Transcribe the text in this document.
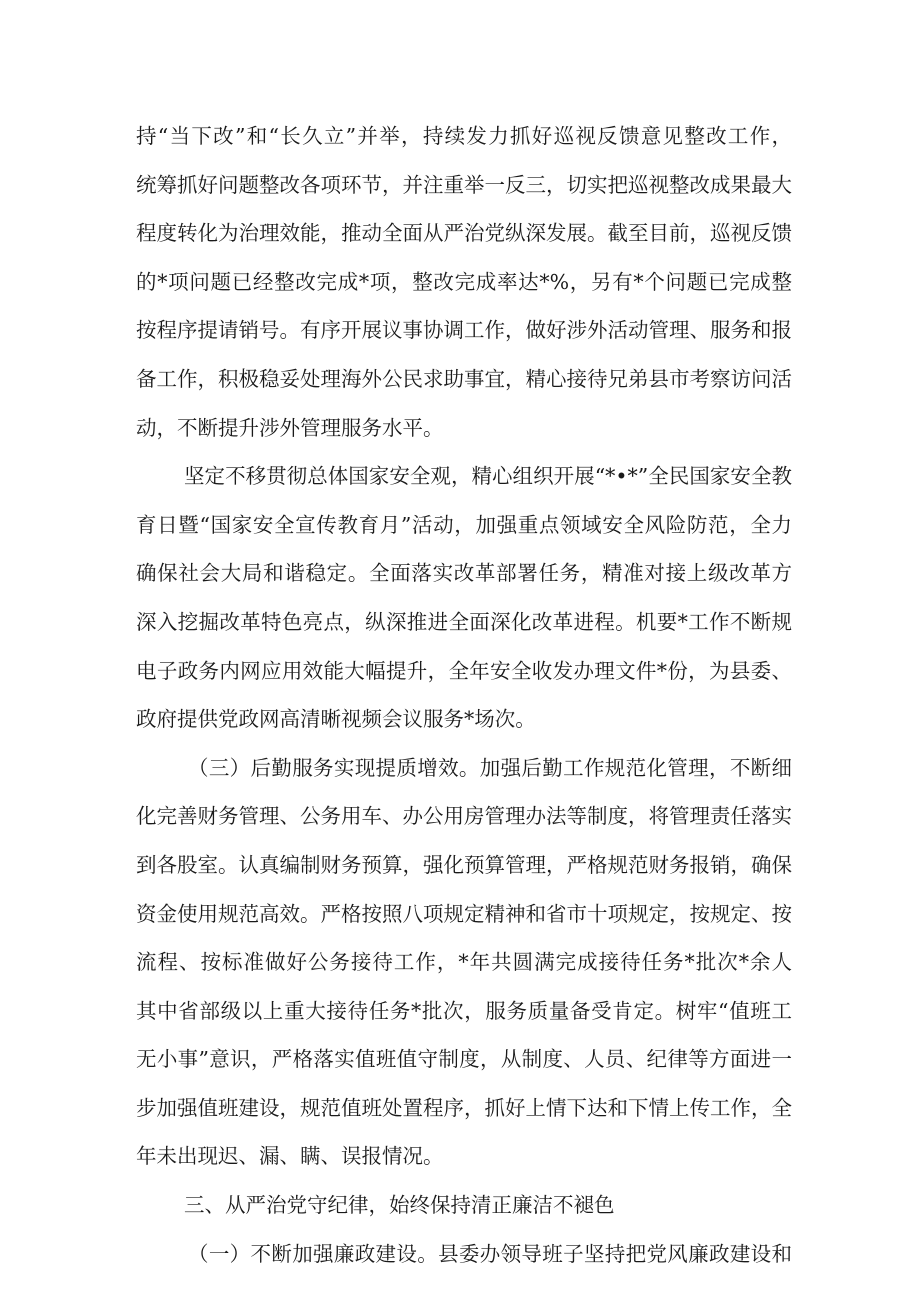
持“当下改”和“长久立”并举，持续发力抓好巡视反馈意见整改工作，
统筹抓好问题整改各项环节，并注重举一反三，切实把巡视整改成果最大
程度转化为治理效能，推动全面从严治党纵深发展。截至目前，巡视反馈
的*项问题已经整改完成*项，整改完成率达*%，另有*个问题已完成整
按程序提请销号。有序开展议事协调工作，做好涉外活动管理、服务和报
备工作，积极稳妥处理海外公民求助事宜，精心接待兄弟县市考察访问活
动，不断提升涉外管理服务水平。
坚定不移贯彻总体国家安全观，精心组织开展“*•*”全民国家安全教
育日暨“国家安全宣传教育月”活动，加强重点领域安全风险防范，全力
确保社会大局和谐稳定。全面落实改革部署任务，精准对接上级改革方
深入挖掘改革特色亮点，纵深推进全面深化改革进程。机要*工作不断规
电子政务内网应用效能大幅提升，全年安全收发办理文件*份，为县委、
政府提供党政网高清晰视频会议服务*场次。
（三）后勤服务实现提质增效。加强后勤工作规范化管理，不断细
化完善财务管理、公务用车、办公用房管理办法等制度，将管理责任落实
到各股室。认真编制财务预算，强化预算管理，严格规范财务报销，确保
资金使用规范高效。严格按照八项规定精神和省市十项规定，按规定、按
流程、按标准做好公务接待工作，*年共圆满完成接待任务*批次*余人
其中省部级以上重大接待任务*批次，服务质量备受肯定。树牢“值班工
无小事”意识，严格落实值班值守制度，从制度、人员、纪律等方面进一
步加强值班建设，规范值班处置程序，抓好上情下达和下情上传工作，全
年未出现迟、漏、瞒、误报情况。
三、从严治党守纪律，始终保持清正廉洁不褪色
（一）不断加强廉政建设。县委办领导班子坚持把党风廉政建设和
